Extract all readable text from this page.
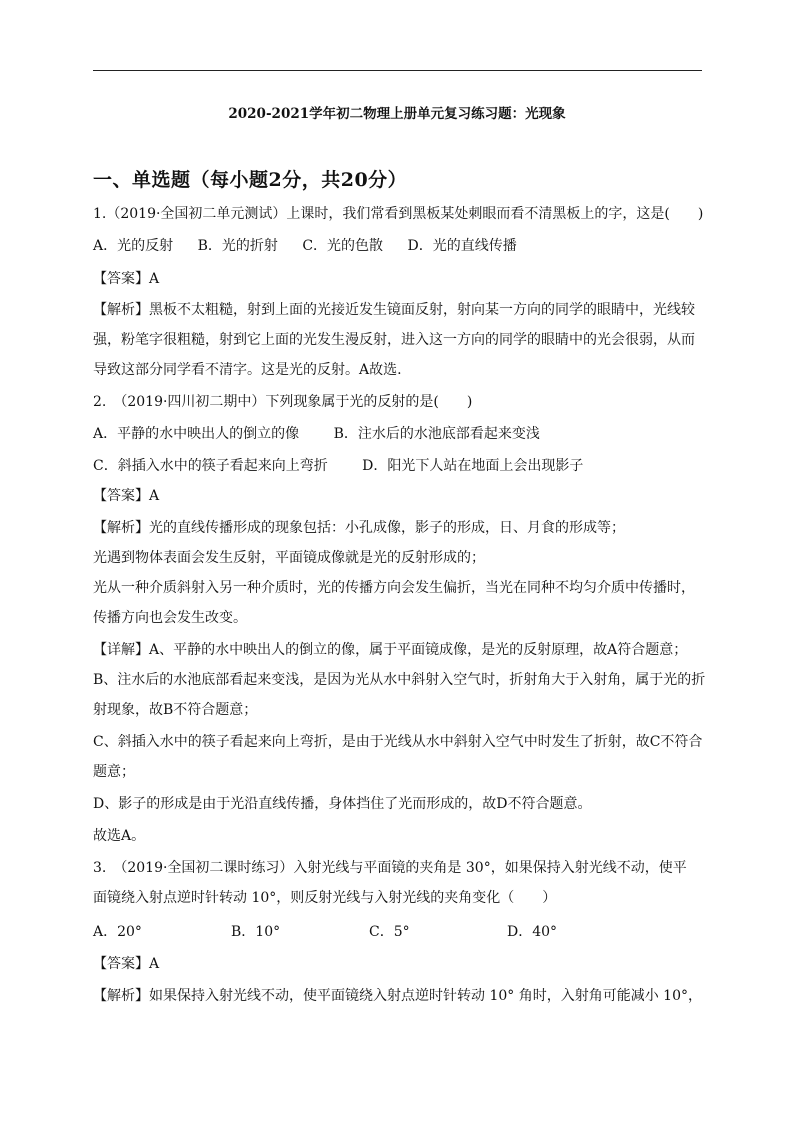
2020-2021学年初二物理上册单元复习练习题：光现象
一、单选题（每小题2分，共20分）
1.（2019·全国初二单元测试）上课时，我们常看到黑板某处刺眼而看不清黑板上的字，这是(　　)
A．光的反射 B．光的折射 C．光的色散 D．光的直线传播
【答案】A
【解析】黑板不太粗糙，射到上面的光接近发生镜面反射，射向某一方向的同学的眼睛中，光线较
强，粉笔字很粗糙，射到它上面的光发生漫反射，进入这一方向的同学的眼睛中的光会很弱，从而
导致这部分同学看不清字。这是光的反射。A故选.
2.　（2019·四川初二期中）下列现象属于光的反射的是(　　)
A．平静的水中映出人的倒立的像 B．注水后的水池底部看起来变浅
C．斜插入水中的筷子看起来向上弯折 D．阳光下人站在地面上会出现影子
【答案】A
【解析】光的直线传播形成的现象包括：小孔成像，影子的形成，日、月食的形成等；
光遇到物体表面会发生反射，平面镜成像就是光的反射形成的；
光从一种介质斜射入另一种介质时，光的传播方向会发生偏折，当光在同种不均匀介质中传播时，
传播方向也会发生改变。
【详解】A、平静的水中映出人的倒立的像，属于平面镜成像，是光的反射原理，故A符合题意；
B、注水后的水池底部看起来变浅，是因为光从水中斜射入空气时，折射角大于入射角，属于光的折
射现象，故B不符合题意；
C、斜插入水中的筷子看起来向上弯折，是由于光线从水中斜射入空气中时发生了折射，故C不符合
题意；
D、影子的形成是由于光沿直线传播，身体挡住了光而形成的，故D不符合题意。
故选A。
3.　（2019·全国初二课时练习）入射光线与平面镜的夹角是 30°，如果保持入射光线不动，使平
面镜绕入射点逆时针转动 10°，则反射光线与入射光线的夹角变化（　　）
A．20°	B．10°	C．5°	D．40°
【答案】A
【解析】如果保持入射光线不动，使平面镜绕入射点逆时针转动 10° 角时，入射角可能减小 10°，
